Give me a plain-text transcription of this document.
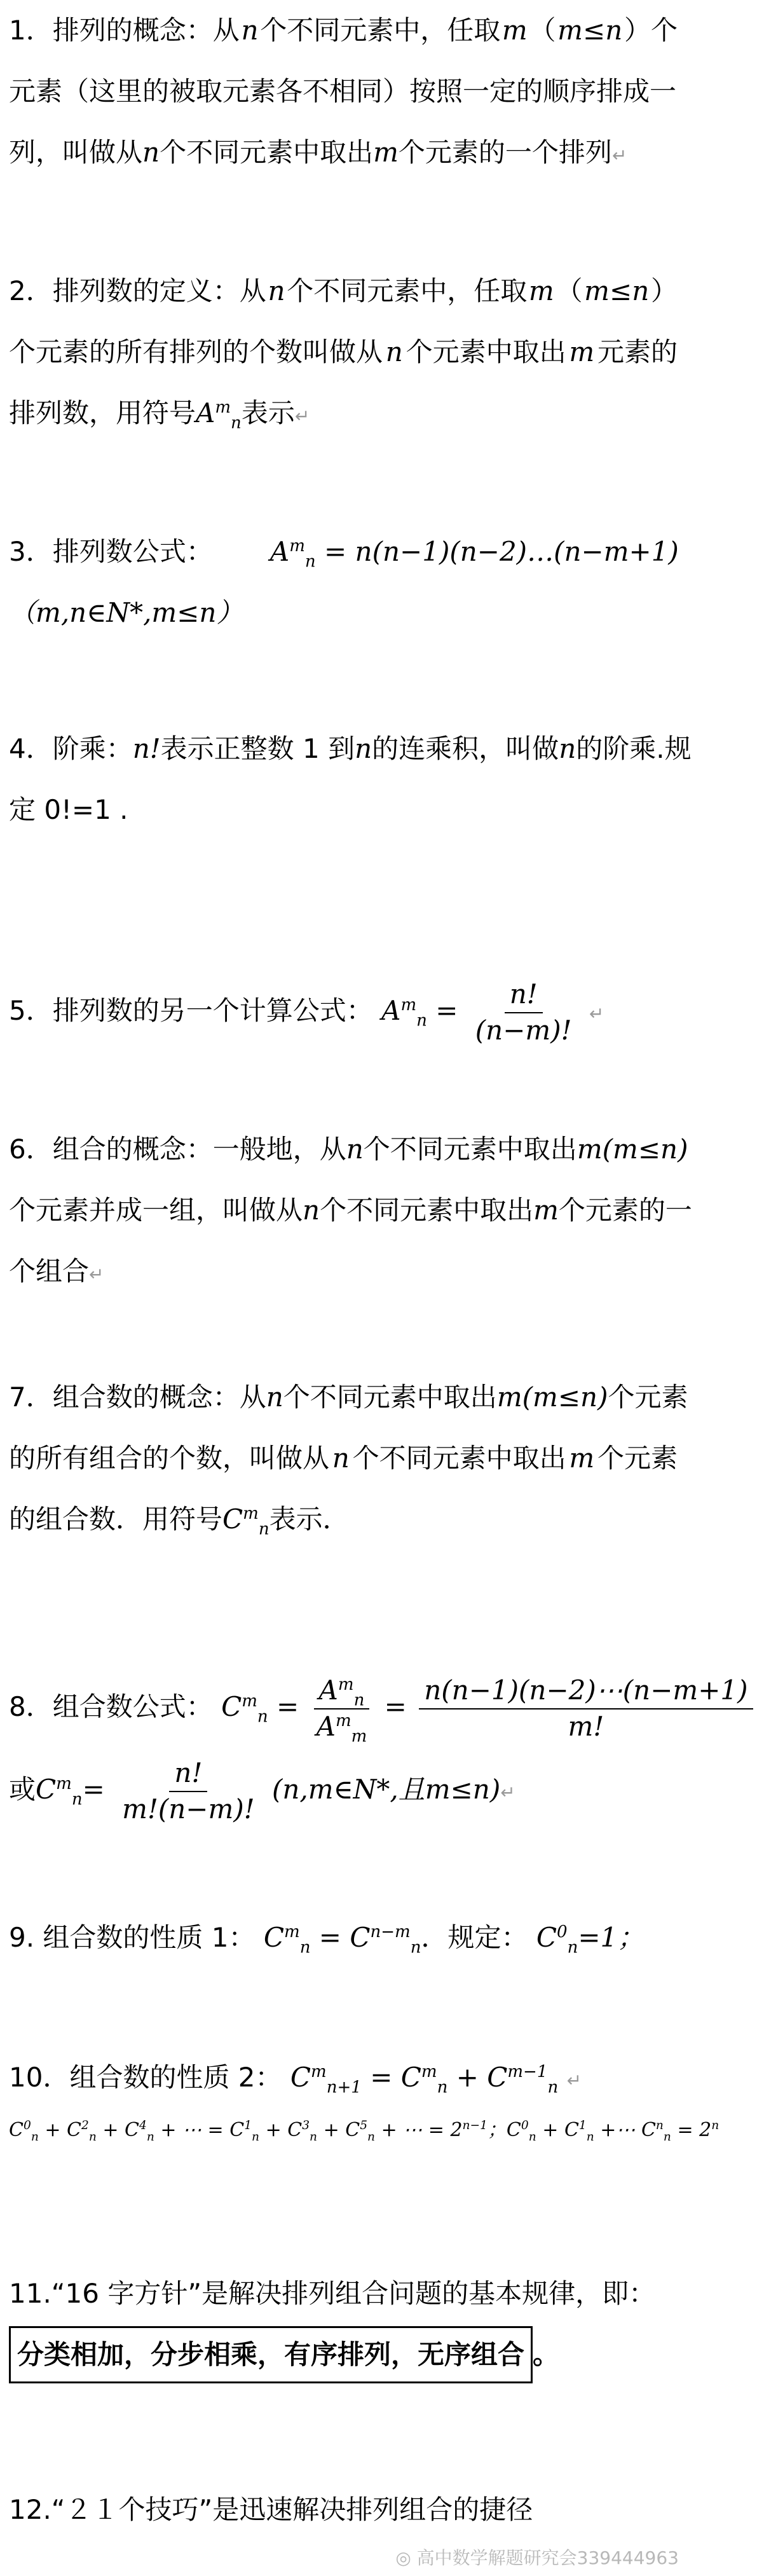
1．排列的概念：从 n 个不同元素中，任取 m （ m≤n ）个

元素（这里的被取元素各不相同）按照一定的顺序排成一

列，叫做从n个不同元素中取出m个元素的一个排列↵

2．排列数的定义：从 n 个不同元素中，任取 m （ m≤n ）

个元素的所有排列的个数叫做从 n 个元素中取出 m 元素的

排列数，用符号$A^m_n$表示↵

3 ． 排 列 数 公 式 ： $A^m_n$ = n(n−1)(n−2)…(n−m+1)

（m,n∈N*,m≤n）

4．阶乘： n! 表示正整数 1 到 n 的连乘积，叫做 n 的阶乘.规

定 0!=1 .

5．排列数的另一个计算公式： $A^m_n = \frac{n!}{(n-m)!}$ ↵

6．组合的概念：一般地，从 n 个不同元素中取出 m (m≤n)

个元素并成一组，叫做从 n 个不同元素中取出 m 个元素的一

个组合↵

7．组合数的概念：从 n 个不同元素中取出 m (m≤n) 个元素

的所有组合的个数，叫做从 n 个不同元素中取出 m 个元素

的组合数．用符号$C^m_n$表示．

8．组合数公式： $C^m_n = \frac{A^m_n}{A^m_m} = \frac{n(n-1)(n-2)\cdots(n-m+1)}{m!}$

或$C^m_n= \frac{n!}{m!(n-m)!}$ (n,m∈N*,且m≤n)↵

9. 组合数的性质 1： $C^m_n = C^{n-m}_n$．规定： $C^0_n=1$；

10．组合数的性质 2： $C^m_{n+1} = C^m_n + C^{m-1}_n$ ↵

$C^0_n + C^2_n + C^4_n$ + ⋯ = $C^1_n + C^3_n + C^5_n$ + ⋯ = $2^{n-1}$；$C^0_n + C^1_n$ +⋯ $C^n_n = 2^n$

11.“16 字方针”是解决排列组合问题的基本规律，即：

分类相加，分步相乘，有序排列，无序组合 。

12.“２１个技巧”是迅速解决排列组合的捷径

◎ 高中数学解题研究会339444963
